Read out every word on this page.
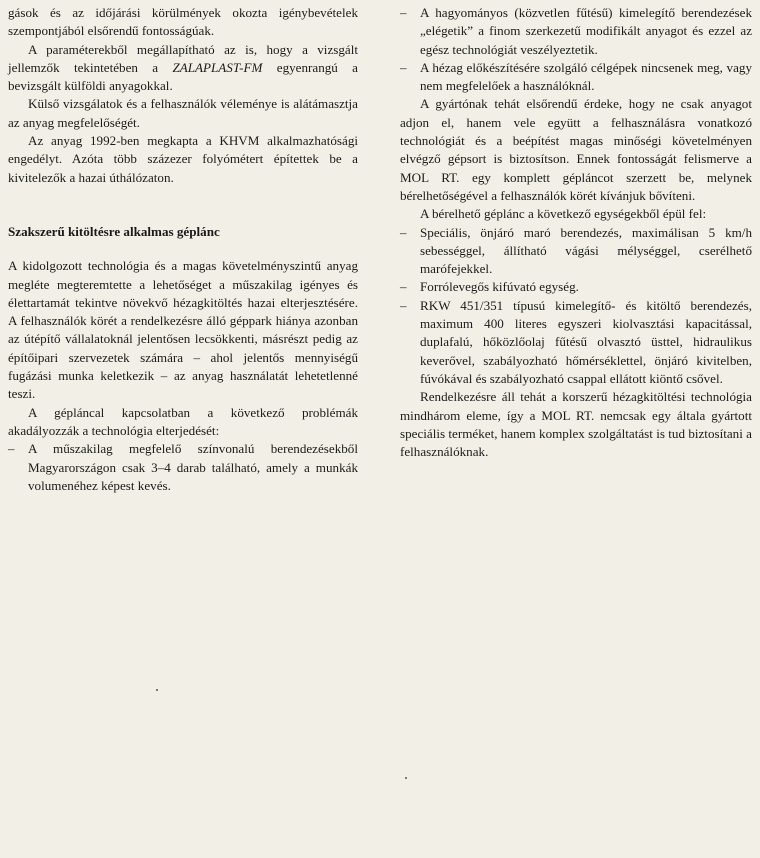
gások és az időjárási körülmények okozta igénybevételek szempontjából elsőrendű fontosságúak.

A paraméterekből megállapítható az is, hogy a vizsgált jellemzők tekintetében a ZALAPLAST-FM egyenrangú a bevizsgált külföldi anyagokkal.

Külső vizsgálatok és a felhasználók véleménye is alátámasztja az anyag megfelelőségét.

Az anyag 1992-ben megkapta a KHVM alkalmazhatósági engedélyt. Azóta több százezer folyómétert építettek be a kivitelezők a hazai úthálózaton.

Szakszerű kitöltésre alkalmas géplánc

A kidolgozott technológia és a magas követelményszintű anyag megléte megteremtette a lehetőséget a műszakilag igényes és élettartamát tekintve növekvő hézagkitöltés hazai elterjesztésére. A felhasználók körét a rendelkezésre álló géppark hiánya azonban az útépítő vállalatoknál jelentősen lecsökkenti, másrészt pedig az építőipari szervezetek számára – ahol jelentős mennyiségű fugázási munka keletkezik – az anyag használatát lehetetlenné teszi.

A gépláncal kapcsolatban a következő problémák akadályozzák a technológia elterjedését:

– A műszakilag megfelelő színvonalú berendezésekből Magyarországon csak 3–4 darab található, amely a munkák volumenéhez képest kevés.
– A hagyományos (közvetlen fűtésű) kimelegítő berendezések „elégetik” a finom szerkezetű modifikált anyagot és ezzel az egész technológiát veszélyeztetik.
– A hézag előkészítésére szolgáló célgépek nincsenek meg, vagy nem megfelelőek a használóknál.

A gyártónak tehát elsőrendű érdeke, hogy ne csak anyagot adjon el, hanem vele együtt a felhasználásra vonatkozó technológiát és a beépítést magas minőségi követelményen elvégző gépsort is biztosítson. Ennek fontosságát felismerve a MOL RT. egy komplett gépláncot szerzett be, melynek bérelhetőségével a felhasználók körét kívánjuk bővíteni.

A bérelhető géplánc a következő egységekből épül fel:

– Speciális, önjáró maró berendezés, maximálisan 5 km/h sebességgel, állítható vágási mélységgel, cserélhető marófejekkel.
– Forrólevegős kifúvató egység.
– RKW 451/351 típusú kimelegítő- és kitöltő berendezés, maximum 400 literes egyszeri kiolvasztási kapacitással, duplafalú, hőközlőolaj fűtésű olvasztó üsttel, hidraulikus keverővel, szabályozható hőmérséklettel, önjáró kivitelben, fúvókával és szabályozható csappal ellátott kiöntő csővel.

Rendelkezésre áll tehát a korszerű hézagkitöltési technológia mindhárom eleme, így a MOL RT. nemcsak egy általa gyártott speciális terméket, hanem komplex szolgáltatást is tud biztosítani a felhasználóknak.
